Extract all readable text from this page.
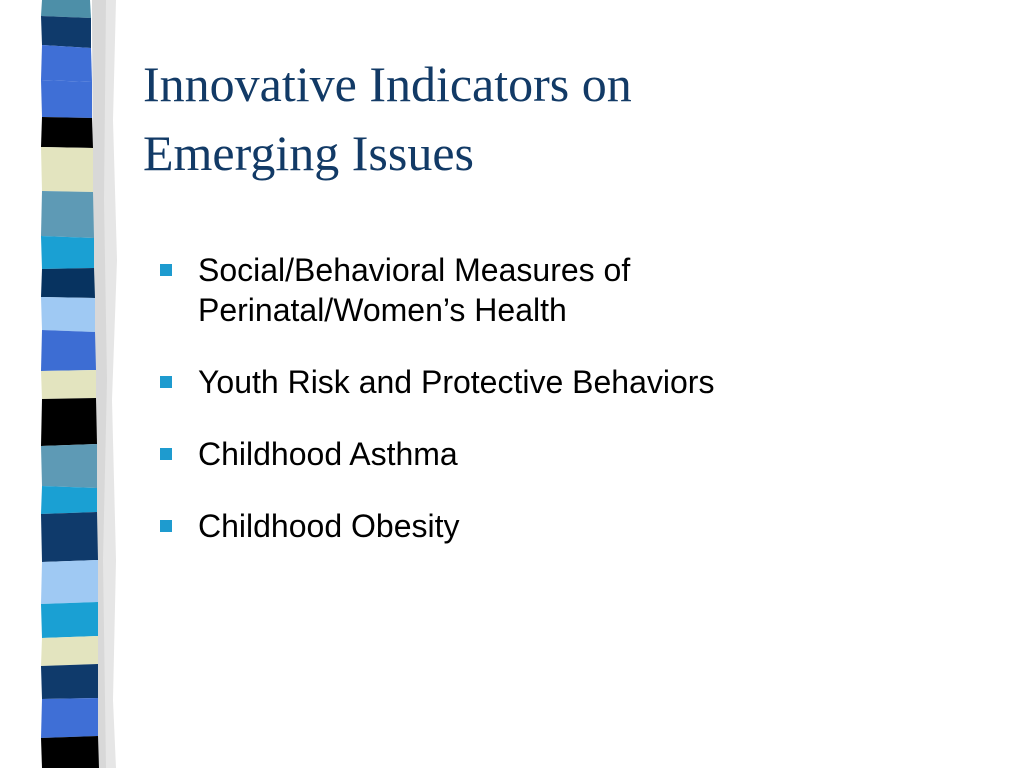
Innovative Indicators on
Emerging Issues
Social/Behavioral Measures of
Perinatal/Women’s Health
Youth Risk and Protective Behaviors
Childhood Asthma
Childhood Obesity
